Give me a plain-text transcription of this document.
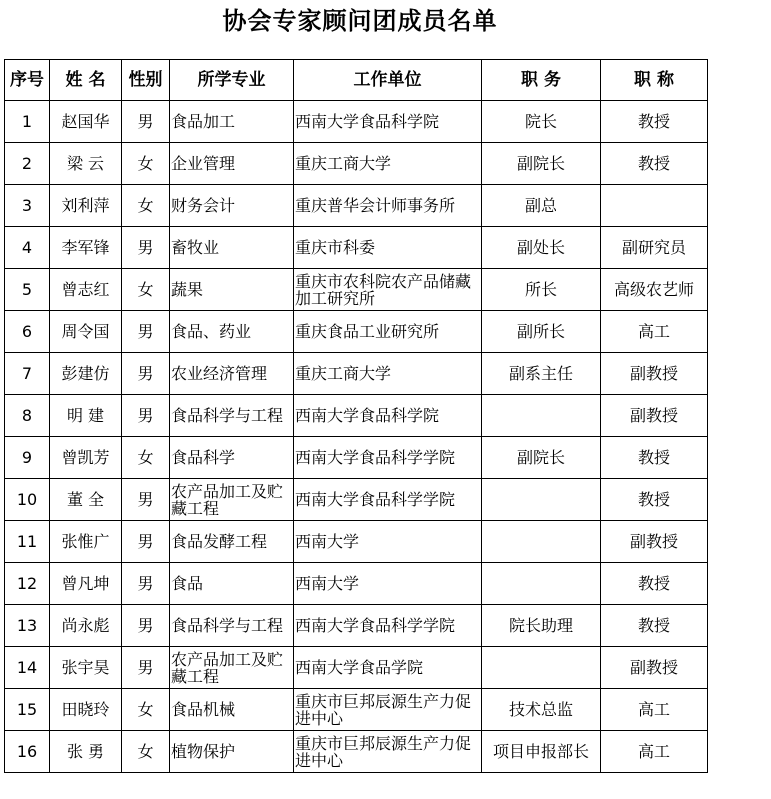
协会专家顾问团成员名单
序号	姓 名	性别	所学专业	工作单位	职 务	职 称
1	赵国华	男	食品加工	西南大学食品科学院	院长	教授
2	梁 云	女	企业管理	重庆工商大学	副院长	教授
3	刘利萍	女	财务会计	重庆普华会计师事务所	副总	
4	李军锋	男	畜牧业	重庆市科委	副处长	副研究员
5	曾志红	女	蔬果	重庆市农科院农产品储藏加工研究所	所长	高级农艺师
6	周令国	男	食品、药业	重庆食品工业研究所	副所长	高工
7	彭建仿	男	农业经济管理	重庆工商大学	副系主任	副教授
8	明 建	男	食品科学与工程	西南大学食品科学院		副教授
9	曾凯芳	女	食品科学	西南大学食品科学学院	副院长	教授
10	董 全	男	农产品加工及贮藏工程	西南大学食品科学学院		教授
11	张惟广	男	食品发酵工程	西南大学		副教授
12	曾凡坤	男	食品	西南大学		教授
13	尚永彪	男	食品科学与工程	西南大学食品科学学院	院长助理	教授
14	张宇昊	男	农产品加工及贮藏工程	西南大学食品学院		副教授
15	田晓玲	女	食品机械	重庆市巨邦辰源生产力促进中心	技术总监	高工
16	张 勇	女	植物保护	重庆市巨邦辰源生产力促进中心	项目申报部长	高工
